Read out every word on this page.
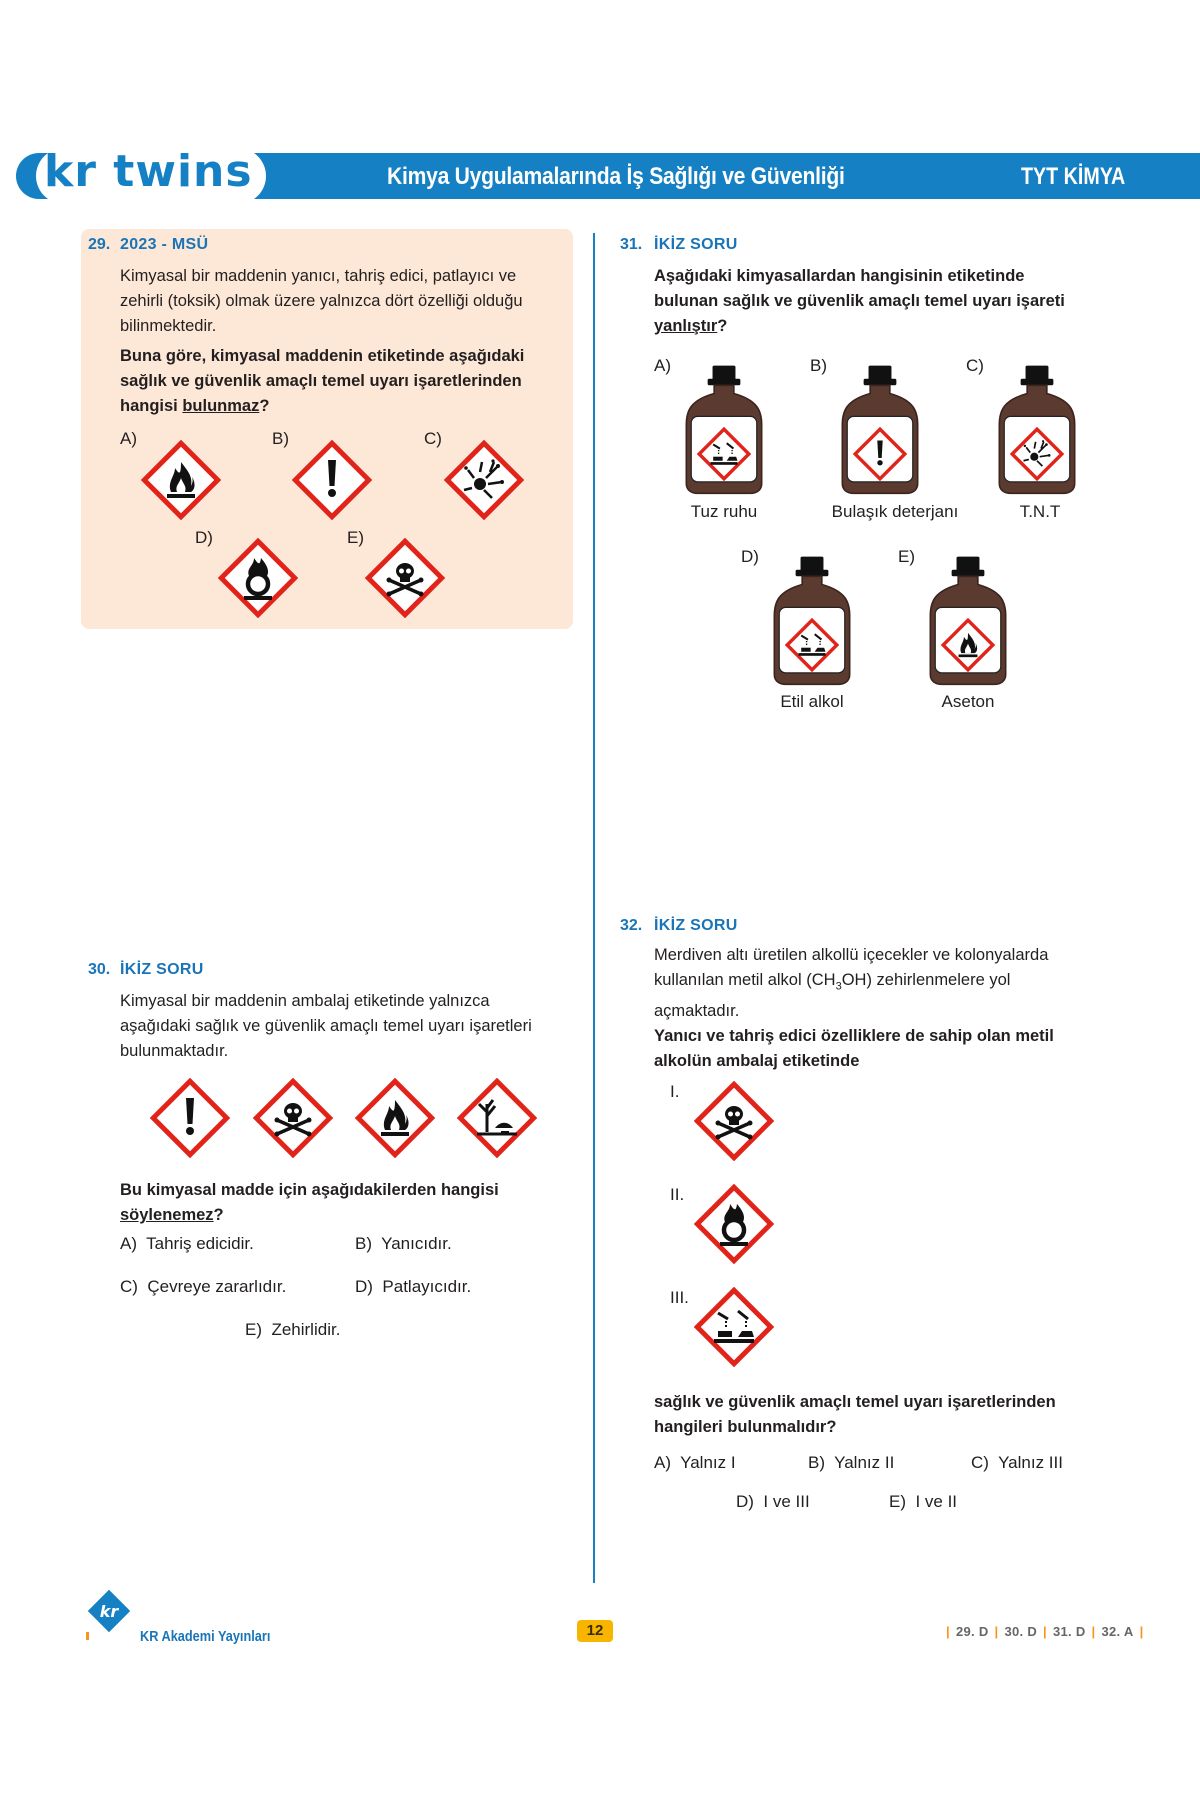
kr twins	Kimya Uygulamalarında İş Sağlığı ve Güvenliği	TYT KİMYA
29. 2023 - MSÜ
Kimyasal bir maddenin yanıcı, tahriş edici, patlayıcı ve
zehirli (toksik) olmak üzere yalnızca dört özelliği olduğu
bilinmektedir.
Buna göre, kimyasal maddenin etiketinde aşağıdaki
sağlık ve güvenlik amaçlı temel uyarı işaretlerinden
hangisi bulunmaz?
A)	B)	C)
D)	E)
30. İKİZ SORU
Kimyasal bir maddenin ambalaj etiketinde yalnızca
aşağıdaki sağlık ve güvenlik amaçlı temel uyarı işaretleri
bulunmaktadır.
Bu kimyasal madde için aşağıdakilerden hangisi
söylenemez?
A) Tahriş edicidir.	B) Yanıcıdır.
C) Çevreye zararlıdır.	D) Patlayıcıdır.
E) Zehirlidir.
31. İKİZ SORU
Aşağıdaki kimyasallardan hangisinin etiketinde
bulunan sağlık ve güvenlik amaçlı temel uyarı işareti
yanlıştır?
A)	B)	C)
D)	E)
Tuz ruhu	Bulaşık deterjanı	T.N.T
Etil alkol	Aseton
32. İKİZ SORU
Merdiven altı üretilen alkollü içecekler ve kolonyalarda
kullanılan metil alkol $(CH_3OH)$ zehirlenmelere yol
açmaktadır.
Yanıcı ve tahriş edici özelliklere de sahip olan metil
alkolün ambalaj etiketinde
I.
II.
III.
sağlık ve güvenlik amaçlı temel uyarı işaretlerinden
hangileri bulunmalıdır?
A) Yalnız I	B) Yalnız II	C) Yalnız III
D) I ve III	E) I ve II
kr
KR Akademi Yayınları	12	| 29. D | 30. D | 31. D | 32. A |
